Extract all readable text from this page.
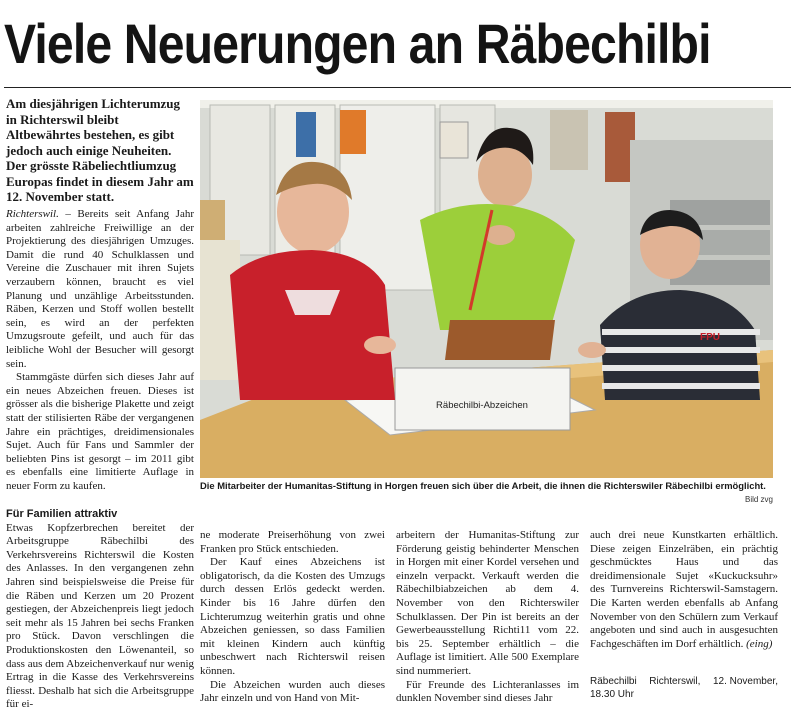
Viele Neuerungen an Räbechilbi
Am diesjährigen Lichterumzug in Richterswil bleibt Altbewährtes bestehen, es gibt jedoch auch einige Neuheiten. Der grösste Räbeliechtliumzug Europas findet in diesem Jahr am 12. November statt.

Richterswil. – Bereits seit Anfang Jahr arbeiten zahlreiche Freiwillige an der Projektierung des diesjährigen Umzuges. Damit die rund 40 Schulklassen und Vereine die Zuschauer mit ihren Sujets verzaubern können, braucht es viel Planung und unzählige Arbeitsstunden. Räben, Kerzen und Stoff wollen bestellt sein, es wird an der perfekten Umzugsroute gefeilt, und auch für das leibliche Wohl der Besucher will gesorgt sein.

Stammgäste dürfen sich dieses Jahr auf ein neues Abzeichen freuen. Dieses ist grösser als die bisherige Plakette und zeigt statt der stilisierten Räbe der vergangenen Jahre ein prächtiges, dreidimensionales Sujet. Auch für Fans und Sammler der beliebten Pins ist gesorgt – im 2011 gibt es ebenfalls eine limitierte Auflage in neuer Form zu kaufen.

Für Familien attraktiv

Etwas Kopfzerbrechen bereitet der Arbeitsgruppe Räbechilbi des Verkehrsvereins Richterswil die Kosten des Anlasses. In den vergangenen zehn Jahren sind beispielsweise die Preise für die Räben und Kerzen um 20 Prozent gestiegen, der Abzeichenpreis liegt jedoch seit mehr als 15 Jahren bei sechs Franken pro Stück. Davon verschlingen die Produktionskosten den Löwenanteil, so dass aus dem Abzeichenverkauf nur wenig Ertrag in die Kasse des Verkehrsvereins fliesst. Deshalb hat sich die Arbeitsgruppe für ei-

ne moderate Preiserhöhung von zwei Franken pro Stück entschieden.

Der Kauf eines Abzeichens ist obligatorisch, da die Kosten des Umzugs durch dessen Erlös gedeckt werden. Kinder bis 16 Jahre dürfen den Lichterumzug weiterhin gratis und ohne Abzeichen geniessen, so dass Familien mit kleinen Kindern auch künftig unbeschwert nach Richterswil reisen können.

Die Abzeichen wurden auch dieses Jahr einzeln und von Hand von Mit-

arbeitern der Humanitas-Stiftung zur Förderung geistig behinderter Menschen in Horgen mit einer Kordel versehen und einzeln verpackt. Verkauft werden die Räbechilbiabzeichen ab dem 4. November von den Richterswiler Schulklassen. Der Pin ist bereits an der Gewerbeausstellung Richti11 vom 22. bis 25. September erhältlich – die Auflage ist limitiert. Alle 500 Exemplare sind nummeriert.

Für Freunde des Lichteranlasses im dunklen November sind dieses Jahr

auch drei neue Kunstkarten erhältlich. Diese zeigen Einzelräben, ein prächtig geschmücktes Haus und das dreidimensionale Sujet «Kuckucksuhr» des Turnvereins Richterswil-Samstagern. Die Karten werden ebenfalls ab Anfang November von den Schülern zum Verkauf angeboten und sind auch in ausgesuchten Fachgeschäften im Dorf erhältlich. (eing)

Räbechilbi Richterswil, 12. November,
18.30 Uhr
Räbechilbi-Abzeichen
FPU
Die Mitarbeiter der Humanitas-Stiftung in Horgen freuen sich über die Arbeit, die ihnen die Richterswiler Räbechilbi ermöglicht.
Bild zvg
